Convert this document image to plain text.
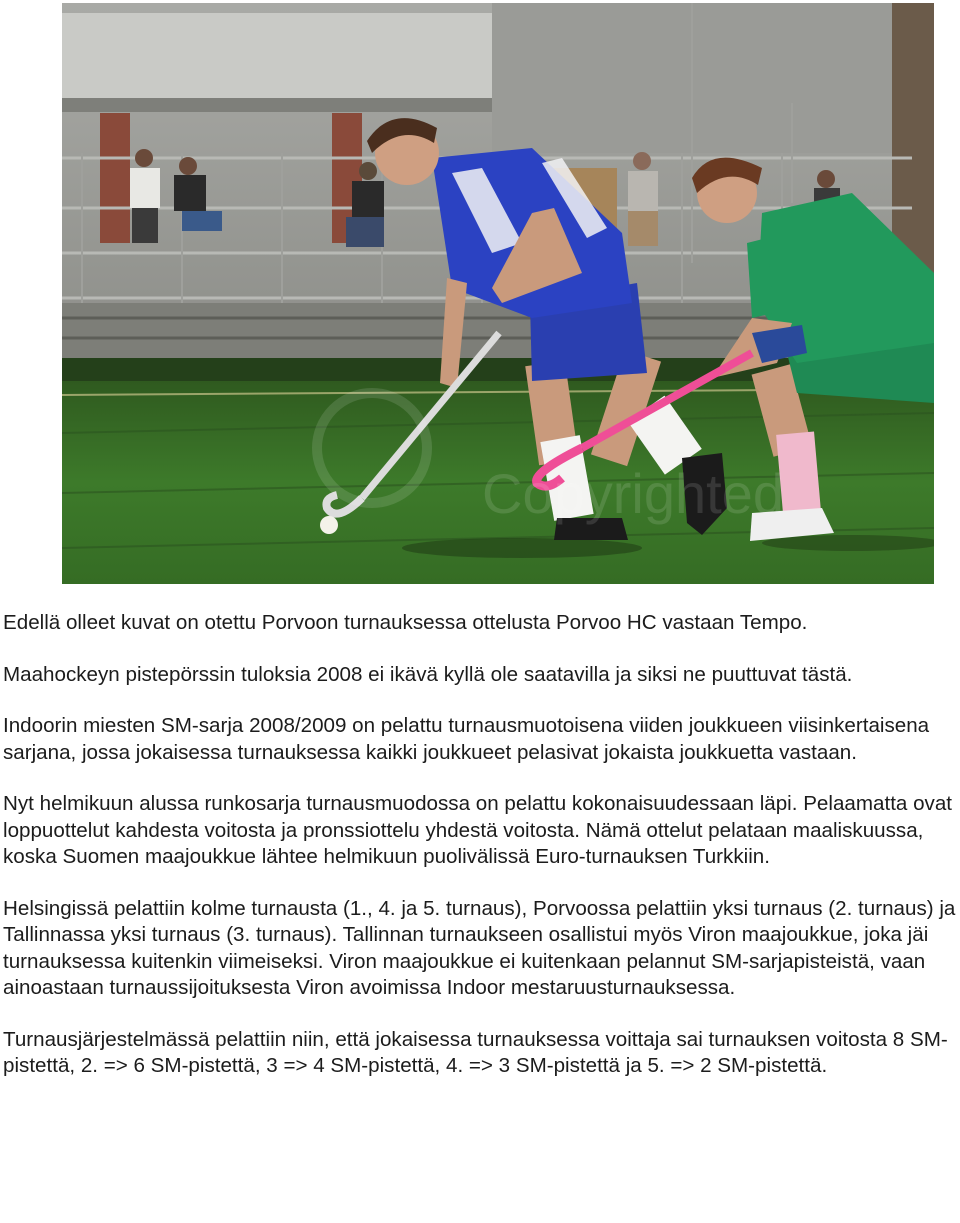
Copyrighted

Edellä olleet kuvat on otettu Porvoon turnauksessa ottelusta Porvoo HC vastaan Tempo.

Maahockeyn pistepörssin tuloksia 2008 ei ikävä kyllä ole saatavilla ja siksi ne puuttuvat tästä.

Indoorin miesten SM-sarja 2008/2009 on pelattu turnausmuotoisena viiden joukkueen viisinkertaisena sarjana, jossa jokaisessa turnauksessa kaikki joukkueet pelasivat jokaista joukkuetta vastaan.

Nyt helmikuun alussa runkosarja turnausmuodossa on pelattu kokonaisuudessaan läpi. Pelaamatta ovat loppuottelut kahdesta voitosta ja pronssiottelu yhdestä voitosta. Nämä ottelut pelataan maaliskuussa, koska Suomen maajoukkue lähtee helmikuun puolivälissä Euro-turnauksen Turkkiin.

Helsingissä pelattiin kolme turnausta (1., 4. ja 5. turnaus), Porvoossa pelattiin yksi turnaus (2. turnaus) ja Tallinnassa yksi turnaus (3. turnaus). Tallinnan turnaukseen osallistui myös Viron maajoukkue, joka jäi turnauksessa kuitenkin viimeiseksi. Viron maajoukkue ei kuitenkaan pelannut SM-sarjapisteistä, vaan ainoastaan turnaussijoituksesta Viron avoimissa Indoor mestaruusturnauksessa.

Turnausjärjestelmässä pelattiin niin, että jokaisessa turnauksessa voittaja sai turnauksen voitosta 8 SM-pistettä, 2. => 6 SM-pistettä, 3 => 4 SM-pistettä, 4. => 3 SM-pistettä ja 5. => 2 SM-pistettä.
